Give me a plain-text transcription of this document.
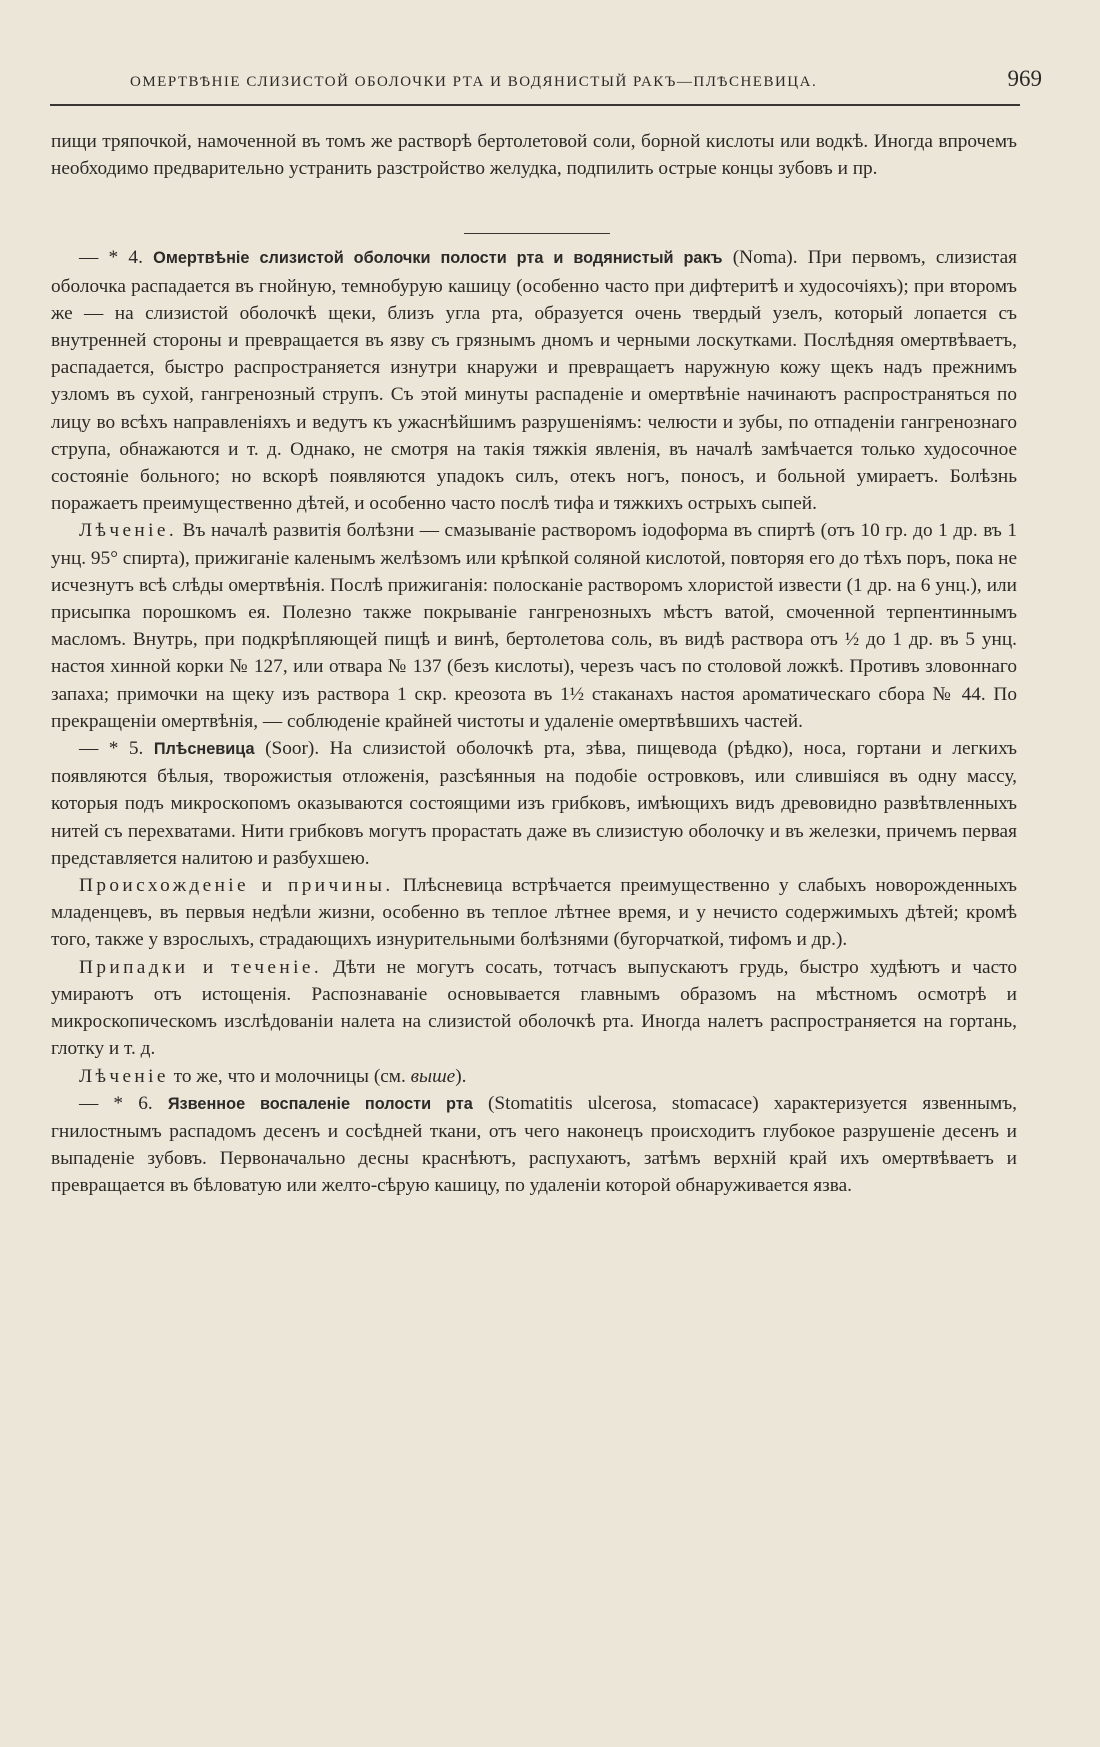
ОМЕРТВѢНІЕ СЛИЗИСТОЙ ОБОЛОЧКИ РТА И ВОДЯНИСТЫЙ РАКЪ—ПЛѢСНЕВИЦА.	969

пищи тряпочкой, намоченной въ томъ же растворѣ бертолетовой соли, борной кислоты или водкѣ. Иногда впрочемъ необходимо предварительно устранить разстройство желудка, подпилить острые концы зубовъ и пр.

— * 4. Омертвѣніе слизистой оболочки полости рта и водянистый ракъ (Noma). При первомъ, слизистая оболочка распадается въ гнойную, темнобурую кашицу (особенно часто при дифтеритѣ и худосочіяхъ); при второмъ же — на слизистой оболочкѣ щеки, близъ угла рта, образуется очень твердый узелъ, который лопается съ внутренней стороны и превращается въ язву съ грязнымъ дномъ и черными лоскутками. Послѣдняя омертвѣваетъ, распадается, быстро распространяется изнутри кнаружи и превращаетъ наружную кожу щекъ надъ прежнимъ узломъ въ сухой, гангренозный струпъ. Съ этой минуты распаденіе и омертвѣніе начинаютъ распространяться по лицу во всѣхъ направленіяхъ и ведутъ къ ужаснѣйшимъ разрушеніямъ: челюсти и зубы, по отпаденіи гангренознаго струпа, обнажаются и т. д. Однако, не смотря на такія тяжкія явленія, въ началѣ замѣчается только худосочное состояніе больного; но вскорѣ появляются упадокъ силъ, отекъ ногъ, поносъ, и больной умираетъ. Болѣзнь поражаетъ преимущественно дѣтей, и особенно часто послѣ тифа и тяжкихъ острыхъ сыпей.

Лѣченіе. Въ началѣ развитія болѣзни — смазываніе растворомъ іодоформа въ спиртѣ (отъ 10 гр. до 1 др. въ 1 унц. 95° спирта), прижиганіе каленымъ желѣзомъ или крѣпкой соляной кислотой, повторяя его до тѣхъ поръ, пока не исчезнутъ всѣ слѣды омертвѣнія. Послѣ прижиганія: полосканіе растворомъ хлористой извести (1 др. на 6 унц.), или присыпка порошкомъ ея. Полезно также покрываніе гангренозныхъ мѣстъ ватой, смоченной терпентиннымъ масломъ. Внутрь, при подкрѣпляющей пищѣ и винѣ, бертолетова соль, въ видѣ раствора отъ ½ до 1 др. въ 5 унц. настоя хинной корки № 127, или отвара № 137 (безъ кислоты), черезъ часъ по столовой ложкѣ. Противъ зловоннаго запаха; примочки на щеку изъ раствора 1 скр. креозота въ 1½ стаканахъ настоя ароматическаго сбора № 44. По прекращеніи омертвѣнія, — соблюденіе крайней чистоты и удаленіе омертвѣвшихъ частей.

— * 5. Плѣсневица (Soor). На слизистой оболочкѣ рта, зѣва, пищевода (рѣдко), носа, гортани и легкихъ появляются бѣлыя, творожистыя отложенія, разсѣянныя на подобіе островковъ, или слившіяся въ одну массу, которыя подъ микроскопомъ оказываются состоящими изъ грибковъ, имѣющихъ видъ древовидно развѣтвленныхъ нитей съ перехватами. Нити грибковъ могутъ прорастать даже въ слизистую оболочку и въ железки, причемъ первая представляется налитою и разбухшею.

Происхожденіе и причины. Плѣсневица встрѣчается преимущественно у слабыхъ новорожденныхъ младенцевъ, въ первыя недѣли жизни, особенно въ теплое лѣтнее время, и у нечисто содержимыхъ дѣтей; кромѣ того, также у взрослыхъ, страдающихъ изнурительными болѣзнями (бугорчаткой, тифомъ и др.).

Припадки и теченіе. Дѣти не могутъ сосать, тотчасъ выпускаютъ грудь, быстро худѣютъ и часто умираютъ отъ истощенія. Распознаваніе основывается главнымъ образомъ на мѣстномъ осмотрѣ и микроскопическомъ изслѣдованіи налета на слизистой оболочкѣ рта. Иногда налетъ распространяется на гортань, глотку и т. д.

Лѣченіе то же, что и молочницы (см. выше).

— * 6. Язвенное воспаленіе полости рта (Stomatitis ulcerosa, stomacace) характеризуется язвеннымъ, гнилостнымъ распадомъ десенъ и сосѣдней ткани, отъ чего наконецъ происходитъ глубокое разрушеніе десенъ и выпаденіе зубовъ. Первоначально десны краснѣютъ, распухаютъ, затѣмъ верхній край ихъ омертвѣваетъ и превращается въ бѣловатую или желто-сѣрую кашицу, по удаленіи которой обнаруживается язва.
